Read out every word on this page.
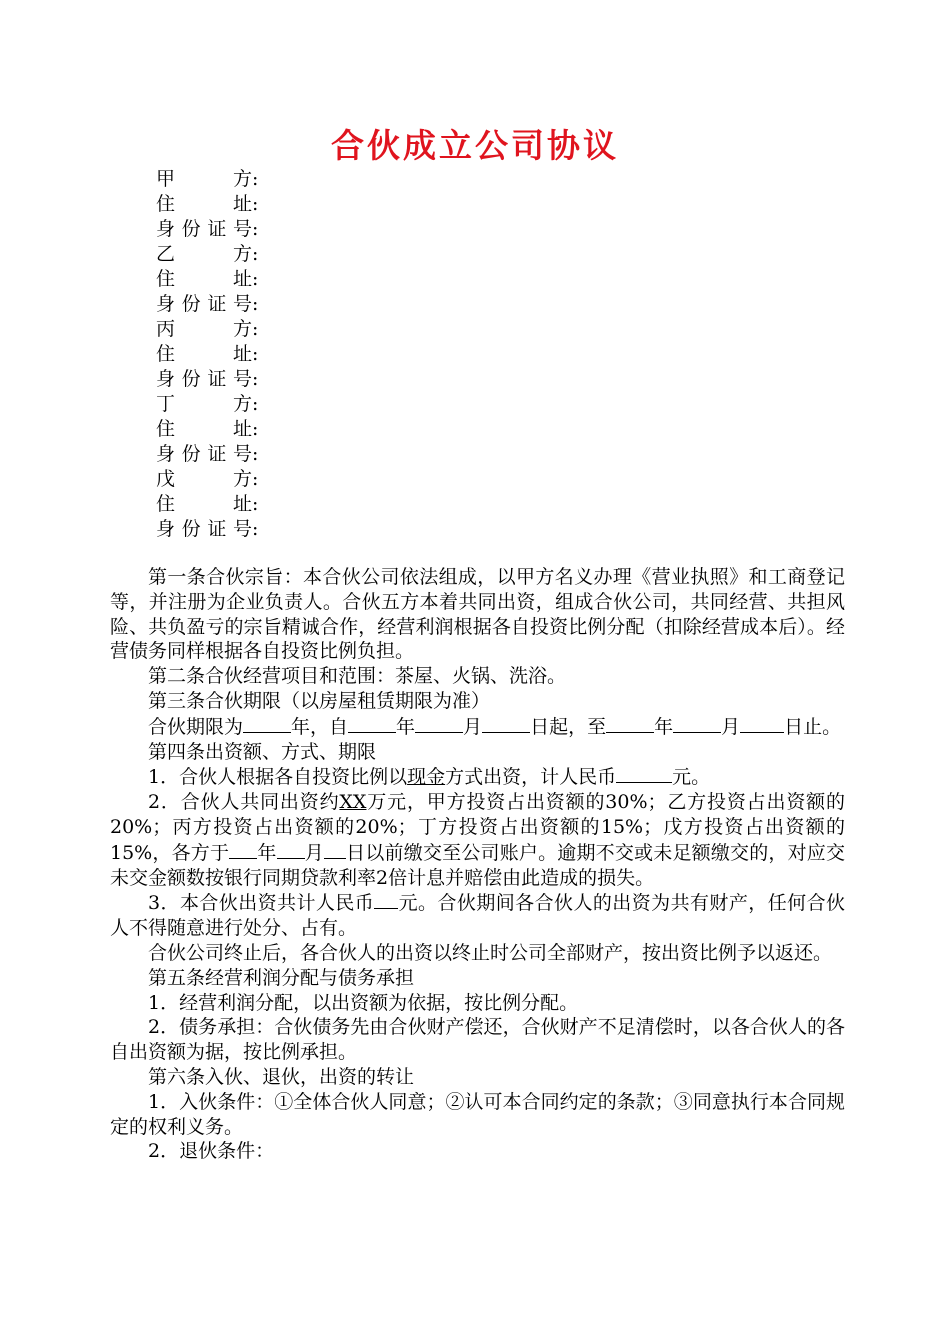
合伙成立公司协议
甲　方:
住　址:
身份证号:
乙　方:
住　址:
身份证号:
丙　方:
住　址:
身份证号:
丁　方:
住　址:
身份证号:
戊　方:
住　址:
身份证号:

第一条合伙宗旨：本合伙公司依法组成，以甲方名义办理《营业执照》和工商登记等，并注册为企业负责人。合伙五方本着共同出资，组成合伙公司，共同经营、共担风险、共负盈亏的宗旨精诚合作，经营利润根据各自投资比例分配（扣除经营成本后）。经营债务同样根据各自投资比例负担。

第二条合伙经营项目和范围：茶屋、火锅、洗浴。

第三条合伙期限（以房屋租赁期限为准）

合伙期限为	年，自	年	月	日起，至	年	月 日止。

第四条出资额、方式、期限

1．合伙人根据各自投资比例以现金方式出资，计人民币	元。

2．合伙人共同出资约XX万元，甲方投资占出资额的30%；乙方投资占出资额的20%；丙方投资占出资额的20%；丁方投资占出资额的15%；戊方投资占出资额的15%，各方于 年 月 日以前缴交至公司账户。逾期不交或未足额缴交的，对应交未交金额数按银行同期贷款利率2倍计息并赔偿由此造成的损失。

3．本合伙出资共计人民币 元。合伙期间各合伙人的出资为共有财产，任何合伙人不得随意进行处分、占有。

合伙公司终止后，各合伙人的出资以终止时公司全部财产，按出资比例予以返还。

第五条经营利润分配与债务承担

1．经营利润分配，以出资额为依据，按比例分配。

2．债务承担：合伙债务先由合伙财产偿还，合伙财产不足清偿时，以各合伙人的各自出资额为据，按比例承担。

第六条入伙、退伙，出资的转让

1．入伙条件：①全体合伙人同意；②认可本合同约定的条款；③同意执行本合同规定的权利义务。

2．退伙条件：
